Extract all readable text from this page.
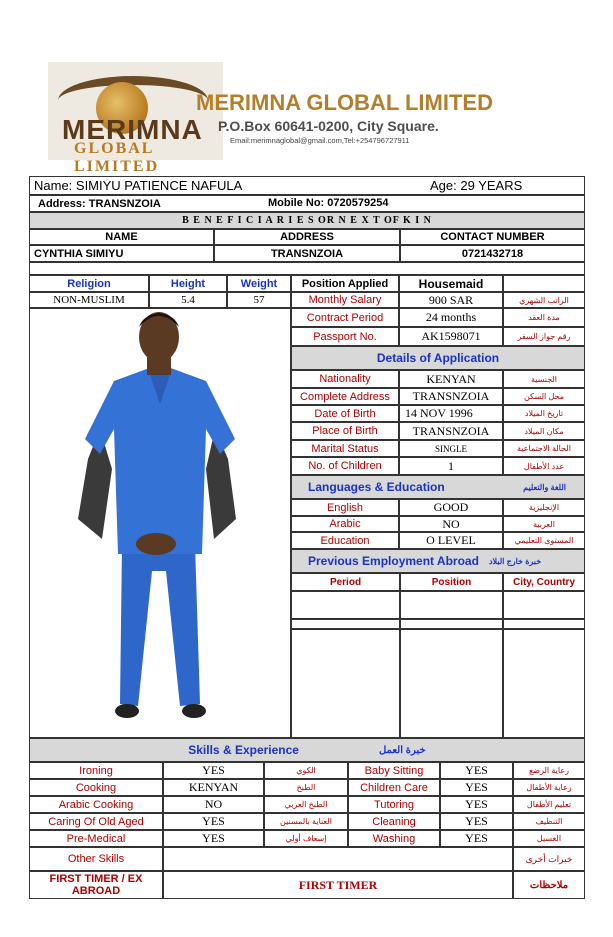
MERIMNA
GLOBAL LIMITED
MERIMNA GLOBAL LIMITED
P.O.Box 60641-0200, City Square.
Email:merimnaglobal@gmail.com,Tel:+254796727911
Name: SIMIYU PATIENCE NAFULA	Age: 29 YEARS
Address: TRANSNZOIA	Mobile No: 0720579254
B E N E F I C I A R I E S OR N E X T OF K I N
NAME	ADDRESS	CONTACT NUMBER
CYNTHIA SIMIYU	TRANSNZOIA	0721432718
Religion	Height	Weight	Position Applied	Housemaid
NON-MUSLIM	5.4	57	Monthly Salary	900 SAR	الراتب الشهري
Contract Period	24 months	مدة العقد
Passport No.	AK1598071	رقم جواز السفر
Details of Application
Nationality	KENYAN	الجنسية
Complete Address	TRANSNZOIA	محل السكن
Date of Birth	14 NOV 1996	تاريخ الميلاد
Place of Birth	TRANSNZOIA	مكان الميلاد
Marital Status	SINGLE	الحالة الاجتماعية
No. of Children	1	عدد الأطفال
Languages & Education	اللغة والتعليم
English	GOOD	الإنجليزية
Arabic	NO	العربية
Education	O LEVEL	المستوى التعليمي
Previous Employment Abroad خبرة خارج البلاد
Period	Position	City, Country
Skills & Experience	خبرة العمل
Ironing	YES	الكوي	Baby Sitting	YES	رعاية الرضع
Cooking	KENYAN	الطبخ	Children Care	YES	رعاية الأطفال
Arabic Cooking	NO	الطبخ العربي	Tutoring	YES	تعليم الأطفال
Caring Of Old Aged	YES	العناية بالمسنين	Cleaning	YES	التنظيف
Pre-Medical	YES	إسعاف أولي	Washing	YES	الغسيل
Other Skills	خبرات أخرى
FIRST TIMER / EX ABROAD	FIRST TIMER	ملاحظات
